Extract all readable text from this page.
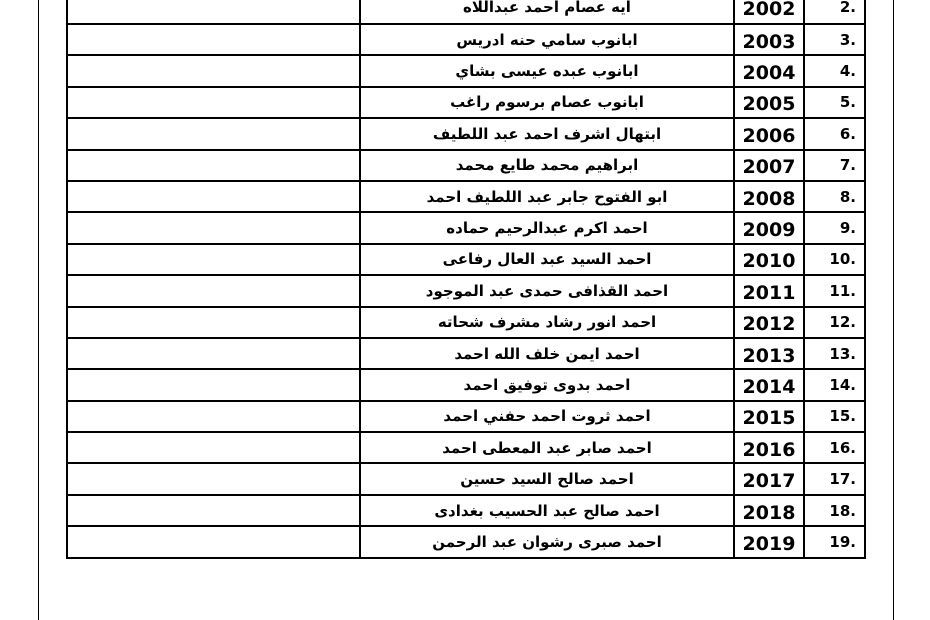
	ايه عصام احمد عبداللاه	2002	.2
	ابانوب سامي حنه ادريس	2003	.3
	ابانوب عبده عيسى بشاي	2004	.4
	ابانوب عصام برسوم راغب	2005	.5
	ابتهال اشرف احمد عبد اللطيف	2006	.6
	ابراهيم محمد طايع محمد	2007	.7
	ابو الفتوح جابر عبد اللطيف احمد	2008	.8
	احمد اكرم عبدالرحيم حماده	2009	.9
	احمد السيد عبد العال رفاعى	2010	.10
	احمد القذافى حمدى عبد الموجود	2011	.11
	احمد انور رشاد مشرف شحاته	2012	.12
	احمد ايمن خلف الله احمد	2013	.13
	احمد بدوى توفيق احمد	2014	.14
	احمد ثروت احمد حفني احمد	2015	.15
	احمد صابر عبد المعطى احمد	2016	.16
	احمد صالح السيد حسين	2017	.17
	احمد صالح عبد الحسيب بغدادى	2018	.18
	احمد صبرى رشوان عبد الرحمن	2019	.19
